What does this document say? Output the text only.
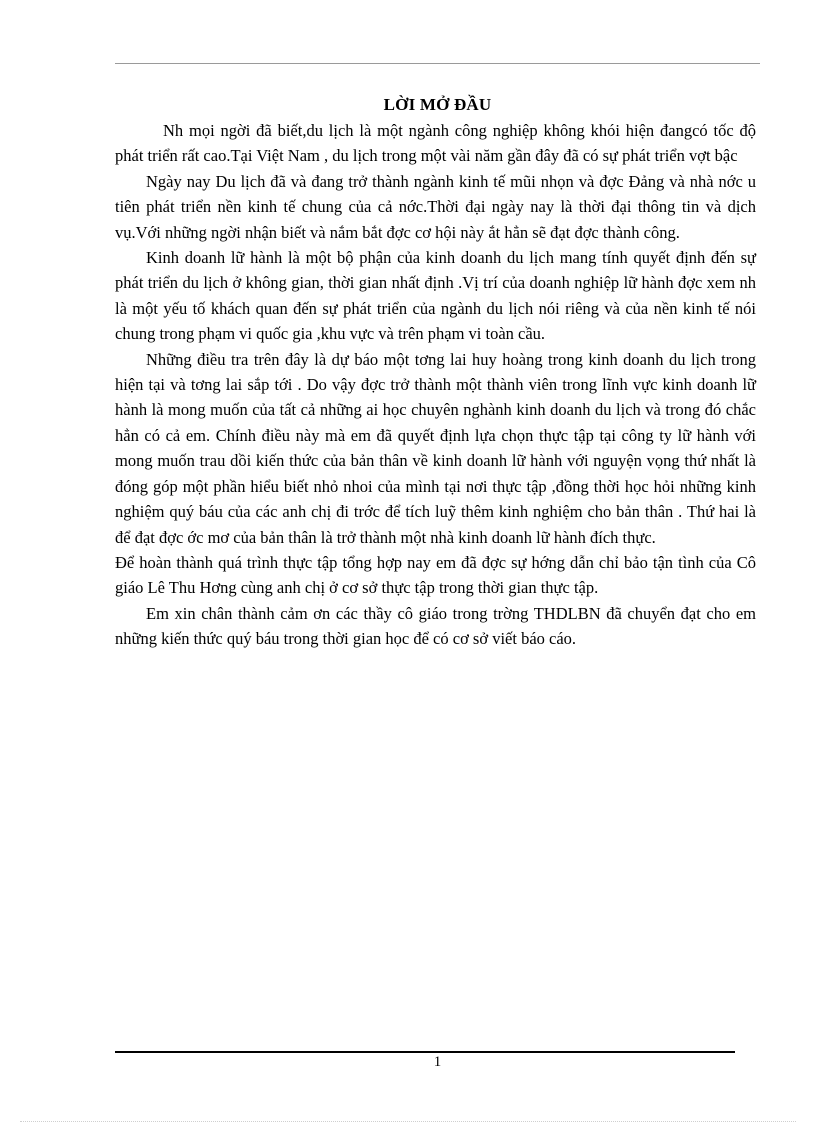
LỜI MỞ ĐẦU

Nh mọi ngời đã biết,du lịch là một ngành công nghiệp không khói hiện đangcó tốc độ phát triển rất cao.Tại Việt Nam , du lịch trong một vài năm gần đây đã có sự phát triển vợt bậc

Ngày nay Du lịch đã và đang trở thành ngành kinh tế mũi nhọn và đợc Đảng và nhà nớc u tiên phát triển nền kinh tế chung của cả nớc.Thời đại ngày nay là thời đại thông tin và dịch vụ.Với những ngời nhận biết và nắm bắt đợc cơ hội này ắt hẳn sẽ đạt đợc thành công.

Kinh doanh lữ hành là một bộ phận của kinh doanh du lịch mang tính quyết định đến sự phát triển du lịch ở không gian, thời gian nhất định .Vị trí của doanh nghiệp lữ hành đợc xem nh là một yếu tố khách quan đến sự phát triển của ngành du lịch nói riêng và của nền kinh tế nói chung trong phạm vi quốc gia ,khu vực và trên phạm vi toàn cầu.

Những điều tra trên đây là dự báo một tơng lai huy hoàng trong kinh doanh du lịch trong hiện tại và tơng lai sắp tới . Do vậy đợc trở thành một thành viên trong lĩnh vực kinh doanh lữ hành là mong muốn của tất cả những ai học chuyên nghành kinh doanh du lịch và trong đó chắc hẳn có cả em. Chính điều này mà em đã quyết định lựa chọn thực tập tại công ty lữ hành với mong muốn trau dồi kiến thức của bản thân về kinh doanh lữ hành với nguyện vọng thứ nhất là đóng góp một phần hiểu biết nhỏ nhoi của mình tại nơi thực tập ,đồng thời học hỏi những kinh nghiệm quý báu của các anh chị đi trớc để tích luỹ thêm kinh nghiệm cho bản thân . Thứ hai là để đạt đợc ớc mơ của bản thân là trở thành một nhà kinh doanh lữ hành đích thực.

Để hoàn thành quá trình thực tập tổng hợp nay em đã đợc sự hớng dẫn chỉ bảo tận tình của Cô giáo Lê Thu Hơng cùng anh chị ở cơ sở thực tập trong thời gian thực tập.

Em xin chân thành cảm ơn các thầy cô giáo trong trờng THDLBN đã chuyển đạt cho em những kiến thức quý báu trong thời gian học để có cơ sở viết báo cáo.

1
